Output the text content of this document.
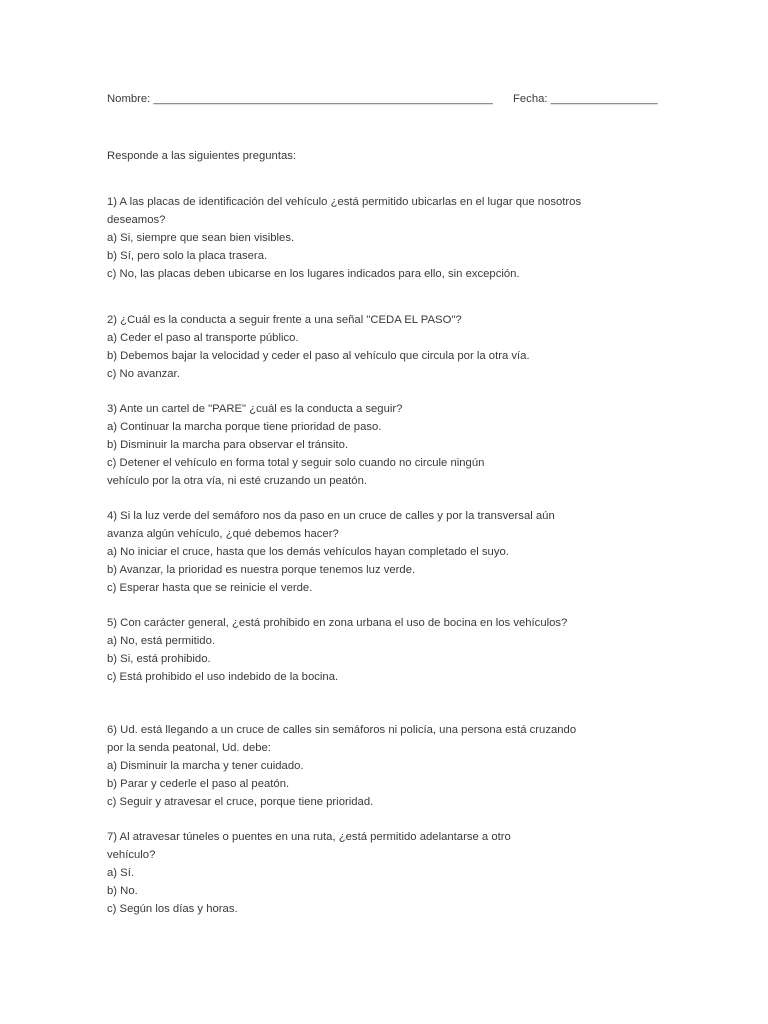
Nombre: ______________________________________________________ Fecha: _________________
Responde a las siguientes preguntas:
1) A las placas de identificación del vehículo ¿está permitido ubicarlas en el lugar que nosotros
deseamos?
a) Si, siempre que sean bien visibles.
b) Sí, pero solo la placa trasera.
c) No, las placas deben ubicarse en los lugares indicados para ello, sin excepción.
2) ¿Cuál es la conducta a seguir frente a una señal "CEDA EL PASO"?
a) Ceder el paso al transporte público.
b) Debemos bajar la velocidad y ceder el paso al vehículo que circula por la otra vía.
c) No avanzar.
3) Ante un cartel de "PARE" ¿cuál es la conducta a seguir?
a) Continuar la marcha porque tiene prioridad de paso.
b) Disminuir la marcha para observar el tránsito.
c) Detener el vehículo en forma total y seguir solo cuando no circule ningún
vehículo por la otra vía, ni esté cruzando un peatón.
4) Si la luz verde del semáforo nos da paso en un cruce de calles y por la transversal aún
avanza algún vehículo, ¿qué debemos hacer?
a) No iniciar el cruce, hasta que los demás vehículos hayan completado el suyo.
b) Avanzar, la prioridad es nuestra porque tenemos luz verde.
c) Esperar hasta que se reinicie el verde.
5) Con carácter general, ¿está prohibido en zona urbana el uso de bocina en los vehículos?
a) No, está permitido.
b) Si, está prohibido.
c) Está prohibido el uso indebido de la bocina.
6) Ud. está llegando a un cruce de calles sin semáforos ni policía, una persona está cruzando
por la senda peatonal, Ud. debe:
a) Disminuir la marcha y tener cuidado.
b) Parar y cederle el paso al peatón.
c) Seguir y atravesar el cruce, porque tiene prioridad.
7) Al atravesar túneles o puentes en una ruta, ¿está permitido adelantarse a otro
vehículo?
a) Sí.
b) No.
c) Según los días y horas.
